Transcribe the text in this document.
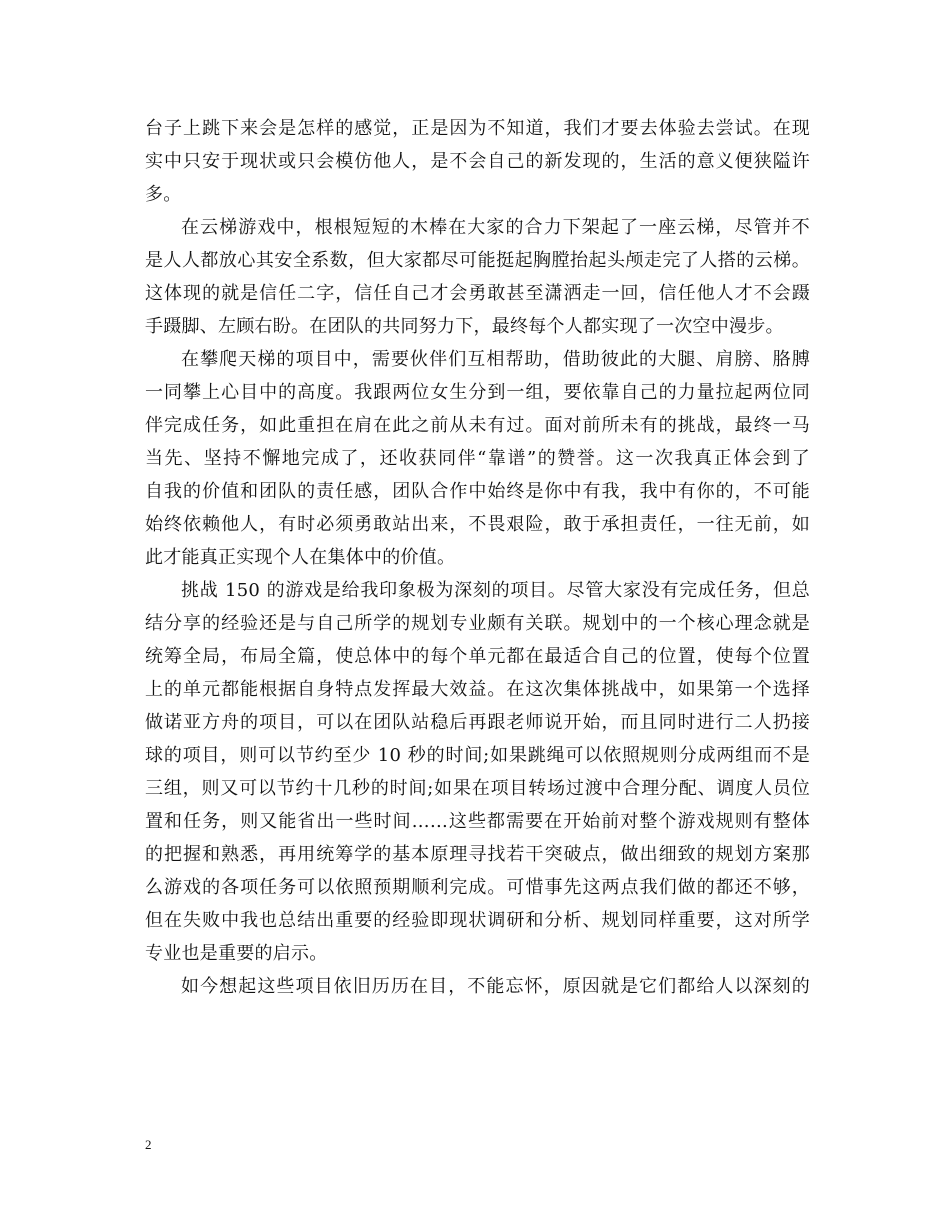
台子上跳下来会是怎样的感觉，正是因为不知道，我们才要去体验去尝试。在现
实中只安于现状或只会模仿他人，是不会自己的新发现的，生活的意义便狭隘许
多。
在云梯游戏中，根根短短的木棒在大家的合力下架起了一座云梯，尽管并不
是人人都放心其安全系数，但大家都尽可能挺起胸膛抬起头颅走完了人搭的云梯。
这体现的就是信任二字，信任自己才会勇敢甚至潇洒走一回，信任他人才不会蹑
手蹑脚、左顾右盼。在团队的共同努力下，最终每个人都实现了一次空中漫步。
在攀爬天梯的项目中，需要伙伴们互相帮助，借助彼此的大腿、肩膀、胳膊
一同攀上心目中的高度。我跟两位女生分到一组，要依靠自己的力量拉起两位同
伴完成任务，如此重担在肩在此之前从未有过。面对前所未有的挑战，最终一马
当先、坚持不懈地完成了，还收获同伴“靠谱”的赞誉。这一次我真正体会到了
自我的价值和团队的责任感，团队合作中始终是你中有我，我中有你的，不可能
始终依赖他人，有时必须勇敢站出来，不畏艰险，敢于承担责任，一往无前，如
此才能真正实现个人在集体中的价值。
挑战 150 的游戏是给我印象极为深刻的项目。尽管大家没有完成任务，但总
结分享的经验还是与自己所学的规划专业颇有关联。规划中的一个核心理念就是
统筹全局，布局全篇，使总体中的每个单元都在最适合自己的位置，使每个位置
上的单元都能根据自身特点发挥最大效益。在这次集体挑战中，如果第一个选择
做诺亚方舟的项目，可以在团队站稳后再跟老师说开始，而且同时进行二人扔接
球的项目，则可以节约至少 10 秒的时间;如果跳绳可以依照规则分成两组而不是
三组，则又可以节约十几秒的时间;如果在项目转场过渡中合理分配、调度人员位
置和任务，则又能省出一些时间……这些都需要在开始前对整个游戏规则有整体
的把握和熟悉，再用统筹学的基本原理寻找若干突破点，做出细致的规划方案那
么游戏的各项任务可以依照预期顺利完成。可惜事先这两点我们做的都还不够，
但在失败中我也总结出重要的经验即现状调研和分析、规划同样重要，这对所学
专业也是重要的启示。
如今想起这些项目依旧历历在目，不能忘怀，原因就是它们都给人以深刻的
2
